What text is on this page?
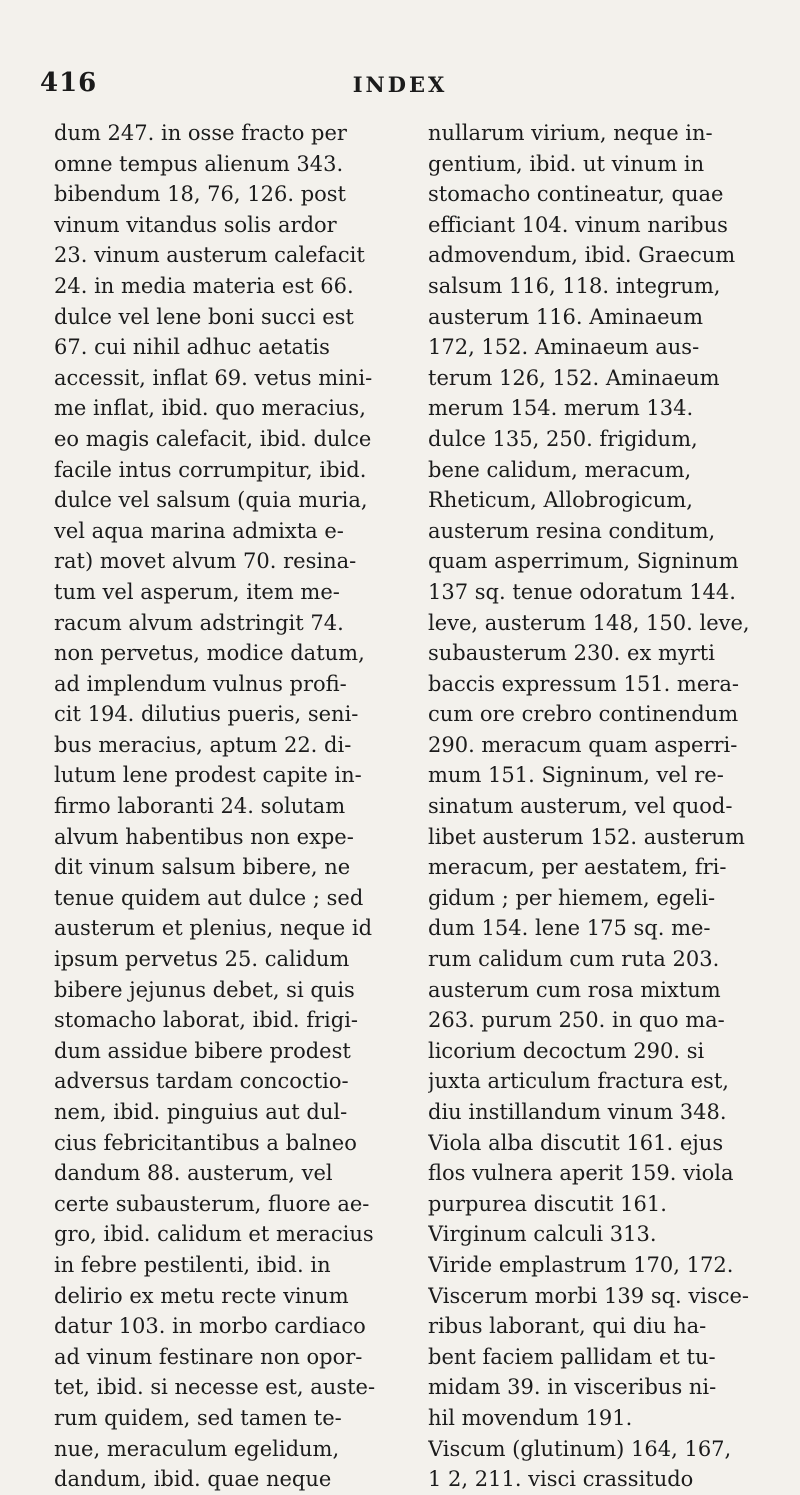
416	INDEX
dum 247. in osse fracto per
omne tempus alienum 343.
bibendum 18, 76, 126. post
vinum vitandus solis ardor
23. vinum austerum calefacit
24. in media materia est 66.
dulce vel lene boni succi est
67. cui nihil adhuc aetatis
accessit, inflat 69. vetus mini-
me inflat, ibid. quo meracius,
eo magis calefacit, ibid. dulce
facile intus corrumpitur, ibid.
dulce vel salsum (quia muria,
vel aqua marina admixta e-
rat) movet alvum 70. resina-
tum vel asperum, item me-
racum alvum adstringit 74.
non pervetus, modice datum,
ad implendum vulnus profi-
cit 194. dilutius pueris, seni-
bus meracius, aptum 22. di-
lutum lene prodest capite in-
firmo laboranti 24. solutam
alvum habentibus non expe-
dit vinum salsum bibere, ne
tenue quidem aut dulce ; sed
austerum et plenius, neque id
ipsum pervetus 25. calidum
bibere jejunus debet, si quis
stomacho laborat, ibid. frigi-
dum assidue bibere prodest
adversus tardam concoctio-
nem, ibid. pinguius aut dul-
cius febricitantibus a balneo
dandum 88. austerum, vel
certe subausterum, fluore ae-
gro, ibid. calidum et meracius
in febre pestilenti, ibid. in
delirio ex metu recte vinum
datur 103. in morbo cardiaco
ad vinum festinare non opor-
tet, ibid. si necesse est, auste-
rum quidem, sed tamen te-
nue, meraculum egelidum,
dandum, ibid. quae neque
nullarum virium, neque in-
gentium, ibid. ut vinum in
stomacho contineatur, quae
efficiant 104. vinum naribus
admovendum, ibid. Graecum
salsum 116, 118. integrum,
austerum 116. Aminaeum
172, 152. Aminaeum aus-
terum 126, 152. Aminaeum
merum 154. merum 134.
dulce 135, 250. frigidum,
bene calidum, meracum,
Rheticum, Allobrogicum,
austerum resina conditum,
quam asperrimum, Signinum
137 sq. tenue odoratum 144.
leve, austerum 148, 150. leve,
subausterum 230. ex myrti
baccis expressum 151. mera-
cum ore crebro continendum
290. meracum quam asperri-
mum 151. Signinum, vel re-
sinatum austerum, vel quod-
libet austerum 152. austerum
meracum, per aestatem, fri-
gidum ; per hiemem, egeli-
dum 154. lene 175 sq. me-
rum calidum cum ruta 203.
austerum cum rosa mixtum
263. purum 250. in quo ma-
licorium decoctum 290. si
juxta articulum fractura est,
diu instillandum vinum 348.
Viola alba discutit 161. ejus
flos vulnera aperit 159. viola
purpurea discutit 161.
Virginum calculi 313.
Viride emplastrum 170, 172.
Viscerum morbi 139 sq. visce-
ribus laborant, qui diu ha-
bent faciem pallidam et tu-
midam 39. in visceribus ni-
hil movendum 191.
Viscum (glutinum) 164, 167,
1 2, 211. visci crassitudo
